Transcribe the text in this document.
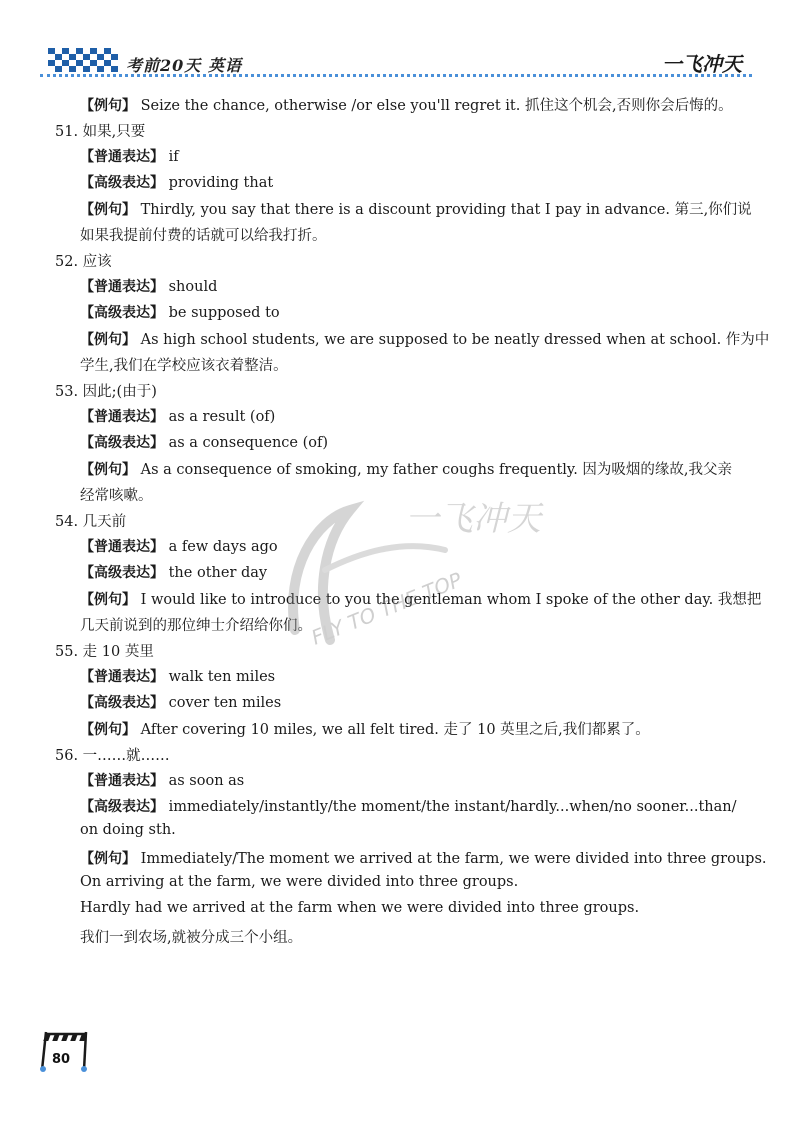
考前20天 英语	一飞冲天
【例句】 Seize the chance, otherwise /or else you'll regret it. 抓住这个机会,否则你会后悔的。
51. 如果,只要
【普通表达】 if
【高级表达】 providing that
【例句】 Thirdly, you say that there is a discount providing that I pay in advance. 第三,你们说
如果我提前付费的话就可以给我打折。
52. 应该
【普通表达】 should
【高级表达】 be supposed to
【例句】 As high school students, we are supposed to be neatly dressed when at school. 作为中
学生,我们在学校应该衣着整洁。
53. 因此;(由于)
【普通表达】 as a result (of)
【高级表达】 as a consequence (of)
【例句】 As a consequence of smoking, my father coughs frequently. 因为吸烟的缘故,我父亲
经常咳嗽。
54. 几天前
【普通表达】 a few days ago
【高级表达】 the other day
【例句】 I would like to introduce to you the gentleman whom I spoke of the other day. 我想把
几天前说到的那位绅士介绍给你们。
55. 走 10 英里
【普通表达】 walk ten miles
【高级表达】 cover ten miles
【例句】 After covering 10 miles, we all felt tired. 走了 10 英里之后,我们都累了。
56. 一……就……
【普通表达】 as soon as
【高级表达】 immediately/instantly/the moment/the instant/hardly...when/no sooner...than/
on doing sth.
【例句】 Immediately/The moment we arrived at the farm, we were divided into three groups.
On arriving at the farm, we were divided into three groups.
Hardly had we arrived at the farm when we were divided into three groups.
我们一到农场,就被分成三个小组。
一飞冲天
FLY TO THE TOP
80
